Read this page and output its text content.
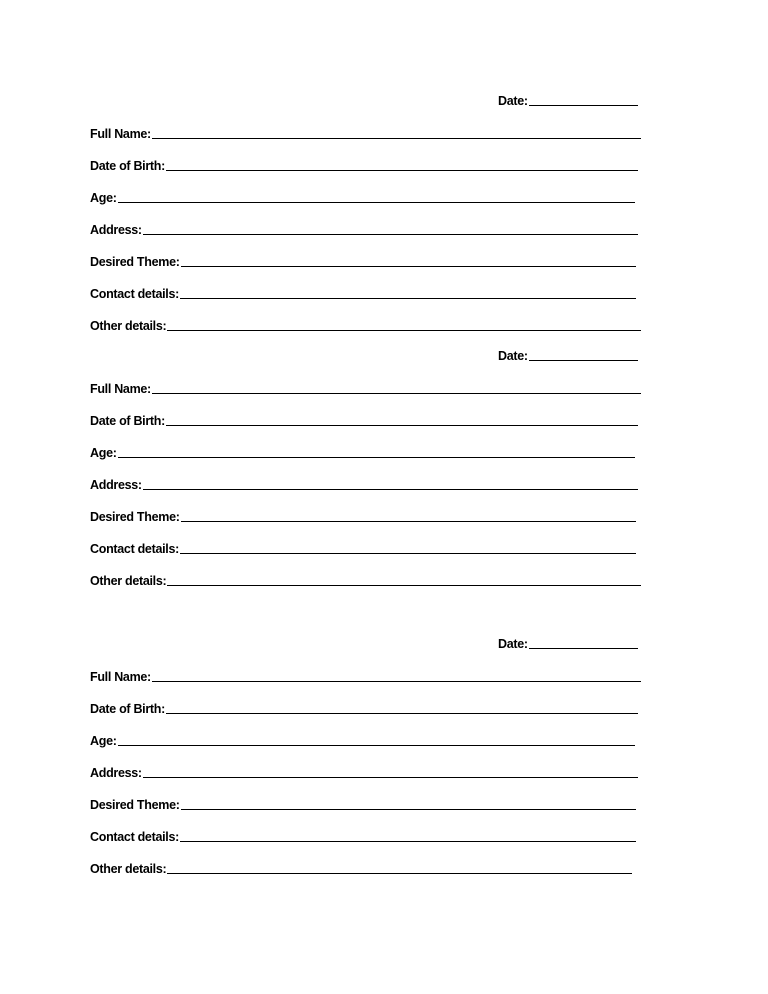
Date:
Full Name:
Date of Birth:
Age:
Address:
Desired Theme:
Contact details:
Other details:
Date:
Full Name:
Date of Birth:
Age:
Address:
Desired Theme:
Contact details:
Other details:
Date:
Full Name:
Date of Birth:
Age:
Address:
Desired Theme:
Contact details:
Other details:
